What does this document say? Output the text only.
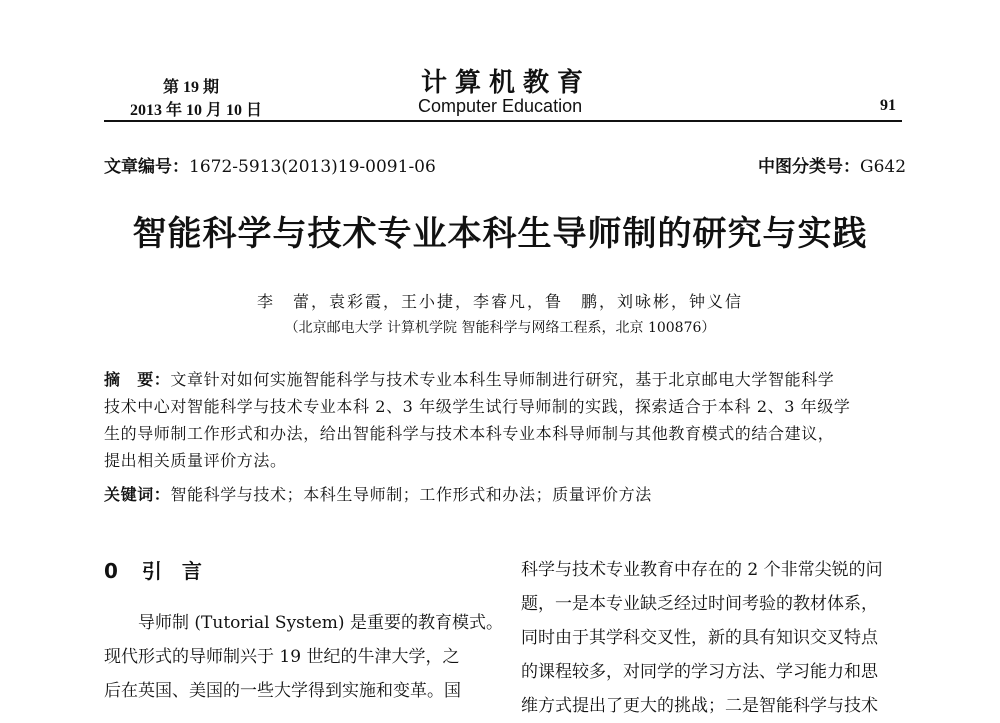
第 19 期
2013 年 10 月 10 日
计算机教育
Computer Education	91
文章编号：1672-5913(2013)19-0091-06	中图分类号：G642
智能科学与技术专业本科生导师制的研究与实践
李　蕾，袁彩霞，王小捷，李睿凡，鲁　鹏，刘咏彬，钟义信
（北京邮电大学 计算机学院 智能科学与网络工程系，北京 100876）

摘　要：文章针对如何实施智能科学与技术专业本科生导师制进行研究，基于北京邮电大学智能科学

技术中心对智能科学与技术专业本科 2、3 年级学生试行导师制的实践，探索适合于本科 2、3 年级学

生的导师制工作形式和办法，给出智能科学与技术本科专业本科导师制与其他教育模式的结合建议，

提出相关质量评价方法。

关键词：智能科学与技术；本科生导师制；工作形式和办法；质量评价方法
0 引　言

导师制 (Tutorial System) 是重要的教育模式。

现代形式的导师制兴于 19 世纪的牛津大学，之

后在英国、美国的一些大学得到实施和变革。国

科学与技术专业教育中存在的 2 个非常尖锐的问

题，一是本专业缺乏经过时间考验的教材体系，

同时由于其学科交叉性，新的具有知识交叉特点

的课程较多，对同学的学习方法、学习能力和思

维方式提出了更大的挑战；二是智能科学与技术
